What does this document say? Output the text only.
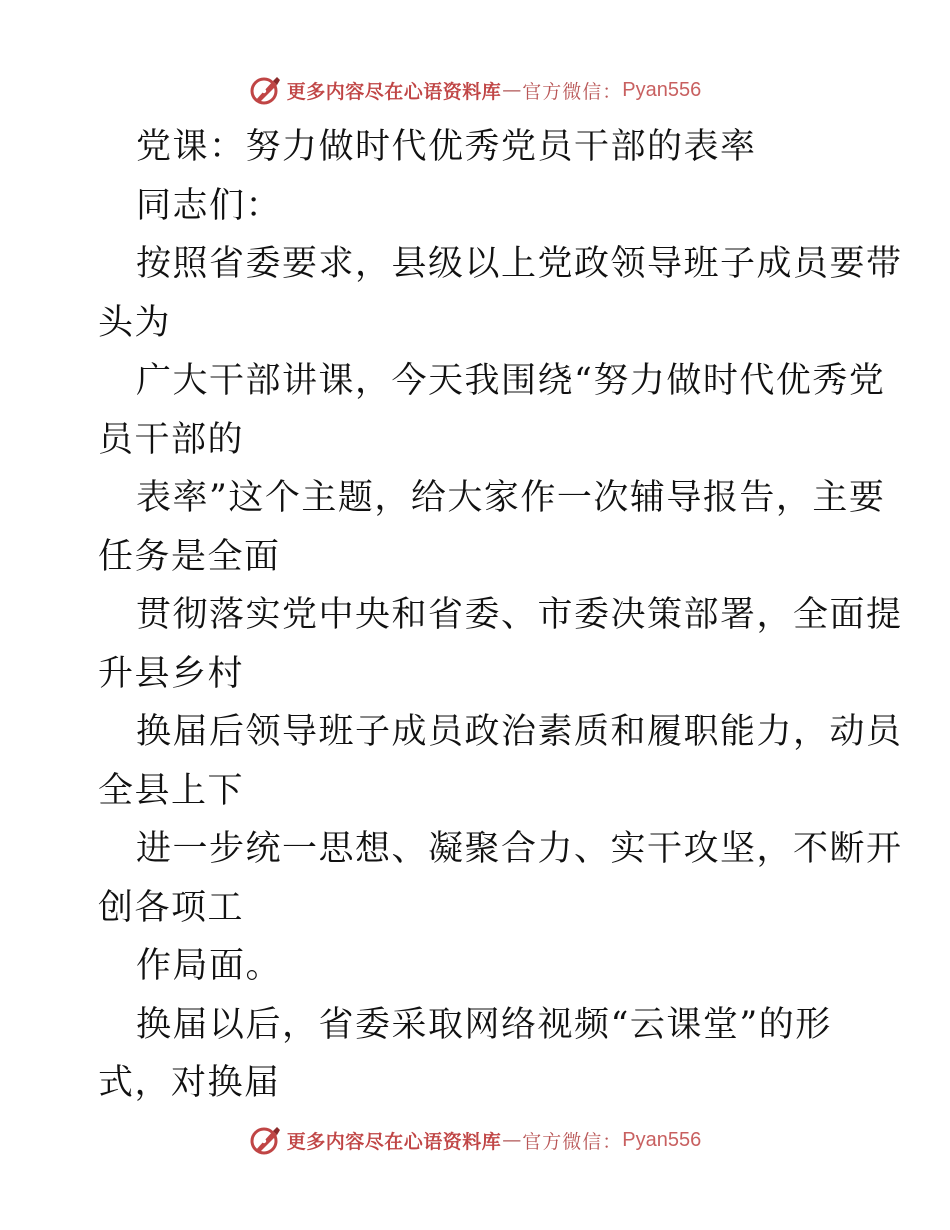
更多内容尽在心语资料库 — 官方微信： Pyan556
党课：努力做时代优秀党员干部的表率
同志们：
按照省委要求，县级以上党政领导班子成员要带
头为
广大干部讲课，今天我围绕“努力做时代优秀党
员干部的
表率”这个主题，给大家作一次辅导报告，主要
任务是全面
贯彻落实党中央和省委、市委决策部署，全面提
升县乡村
换届后领导班子成员政治素质和履职能力，动员
全县上下
进一步统一思想、凝聚合力、实干攻坚，不断开
创各项工
作局面。
换届以后，省委采取网络视频“云课堂”的形
式，对换届
更多内容尽在心语资料库 — 官方微信： Pyan556
